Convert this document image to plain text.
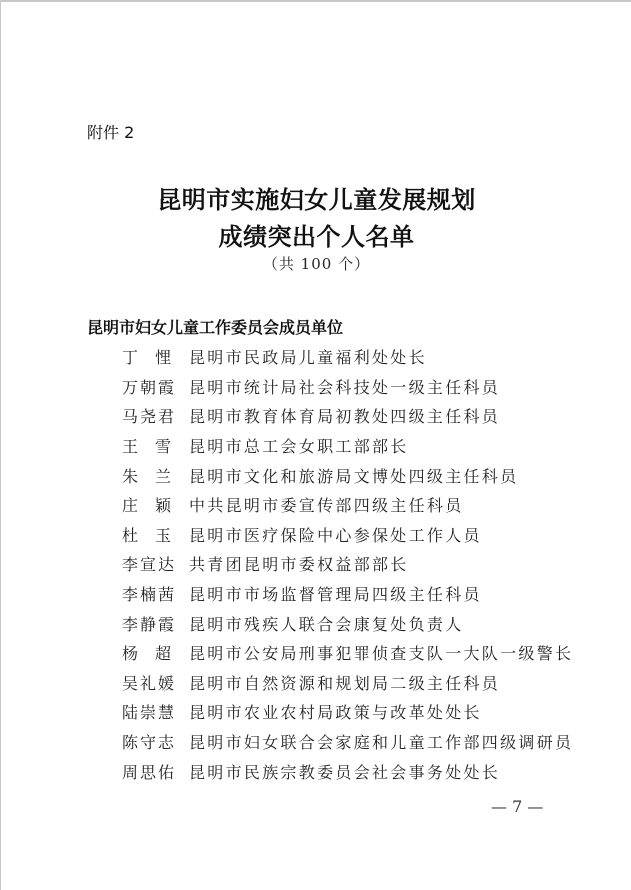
附件 2
昆明市实施妇女儿童发展规划
成绩突出个人名单
（共 100 个）
昆明市妇女儿童工作委员会成员单位
丁 悝	昆明市民政局儿童福利处处长
万朝霞 昆明市统计局社会科技处一级主任科员
马尧君 昆明市教育体育局初教处四级主任科员
王 雪	昆明市总工会女职工部部长
朱 兰	昆明市文化和旅游局文博处四级主任科员
庄 颖	中共昆明市委宣传部四级主任科员
杜 玉	昆明市医疗保险中心参保处工作人员
李宣达 共青团昆明市委权益部部长
李楠茜 昆明市市场监督管理局四级主任科员
李静霞 昆明市残疾人联合会康复处负责人
杨 超	昆明市公安局刑事犯罪侦查支队一大队一级警长
吴礼媛 昆明市自然资源和规划局二级主任科员
陆崇慧 昆明市农业农村局政策与改革处处长
陈守志 昆明市妇女联合会家庭和儿童工作部四级调研员
周思佑 昆明市民族宗教委员会社会事务处处长
— 7 —
